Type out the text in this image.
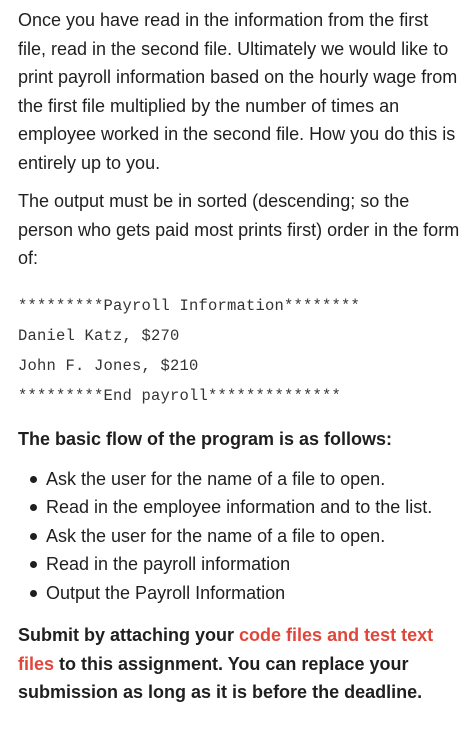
Once you have read in the information from the first file, read in the second file. Ultimately we would like to print payroll information based on the hourly wage from the first file multiplied by the number of times an employee worked in the second file. How you do this is entirely up to you.

The output must be in sorted (descending; so the person who gets paid most prints first) order in the form of:

*********Payroll Information********
Daniel Katz, $270
John F. Jones, $210
*********End payroll**************
The basic flow of the program is as follows:
Ask the user for the name of a file to open.
Read in the employee information and to the list.
Ask the user for the name of a file to open.
Read in the payroll information
Output the Payroll Information
Submit by attaching your code files and test text files to this assignment. You can replace your submission as long as it is before the deadline.
